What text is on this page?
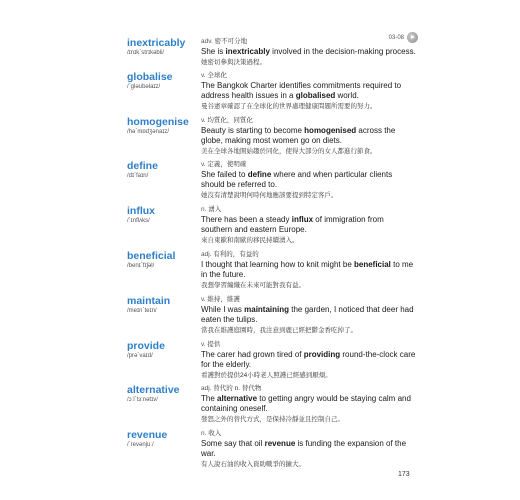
03-08
inextricably
/ɪnɪk`strɪkəbli/
adv. 密不可分地
She is inextricably involved in the decision-making process.
她密切參與決策過程。
globalise
/`gləʊbəlaɪz/
v. 全球化
The Bangkok Charter identifies commitments required to address health issues in a globalised world.
曼谷憲章確認了在全球化的世界處理健康問題所需要的努力。
homogenise
/hə`mɒdʒənaɪz/
v. 均質化，同質化
Beauty is starting to become homogenised across the globe, making most women go on diets.
美在全球各地開始趨於同化，使得大部分的女人都進行節食。
define
/dɪ`faɪn/
v. 定義，使明確
She failed to define where and when particular clients should be referred to.
她沒有清楚說明何時何地應該要提到特定客戶。
influx
/`ɪnflʌks/
n. 湧入
There has been a steady influx of immigration from southern and eastern Europe.
來自東歐和南歐的移民持續湧入。
beneficial
/benɪ`fɪʃəl/
adj. 有利的，有益的
I thought that learning how to knit might be beneficial to me in the future.
我想學習編織在未來可能對我有益。
maintain
/meɪn`teɪn/
v. 維持，維護
While I was maintaining the garden, I noticed that deer had eaten the tulips.
當我在維護庭園時，我注意到鹿已經把鬱金香吃掉了。
provide
/prə`vaɪd/
v. 提供
The carer had grown tired of providing round-the-clock care for the elderly.
看護對於提供24小時老人照護已經感到厭煩。
alternative
/ɔːl`tɜːnətɪv/
adj. 替代的 n. 替代物
The alternative to getting angry would be staying calm and containing oneself.
發怒之外的替代方式，是保持冷靜並且控制自己。
revenue
/`revənjuː/
n. 收入
Some say that oil revenue is funding the expansion of the war.
有人說石油的收入資助戰爭的擴大。
173
